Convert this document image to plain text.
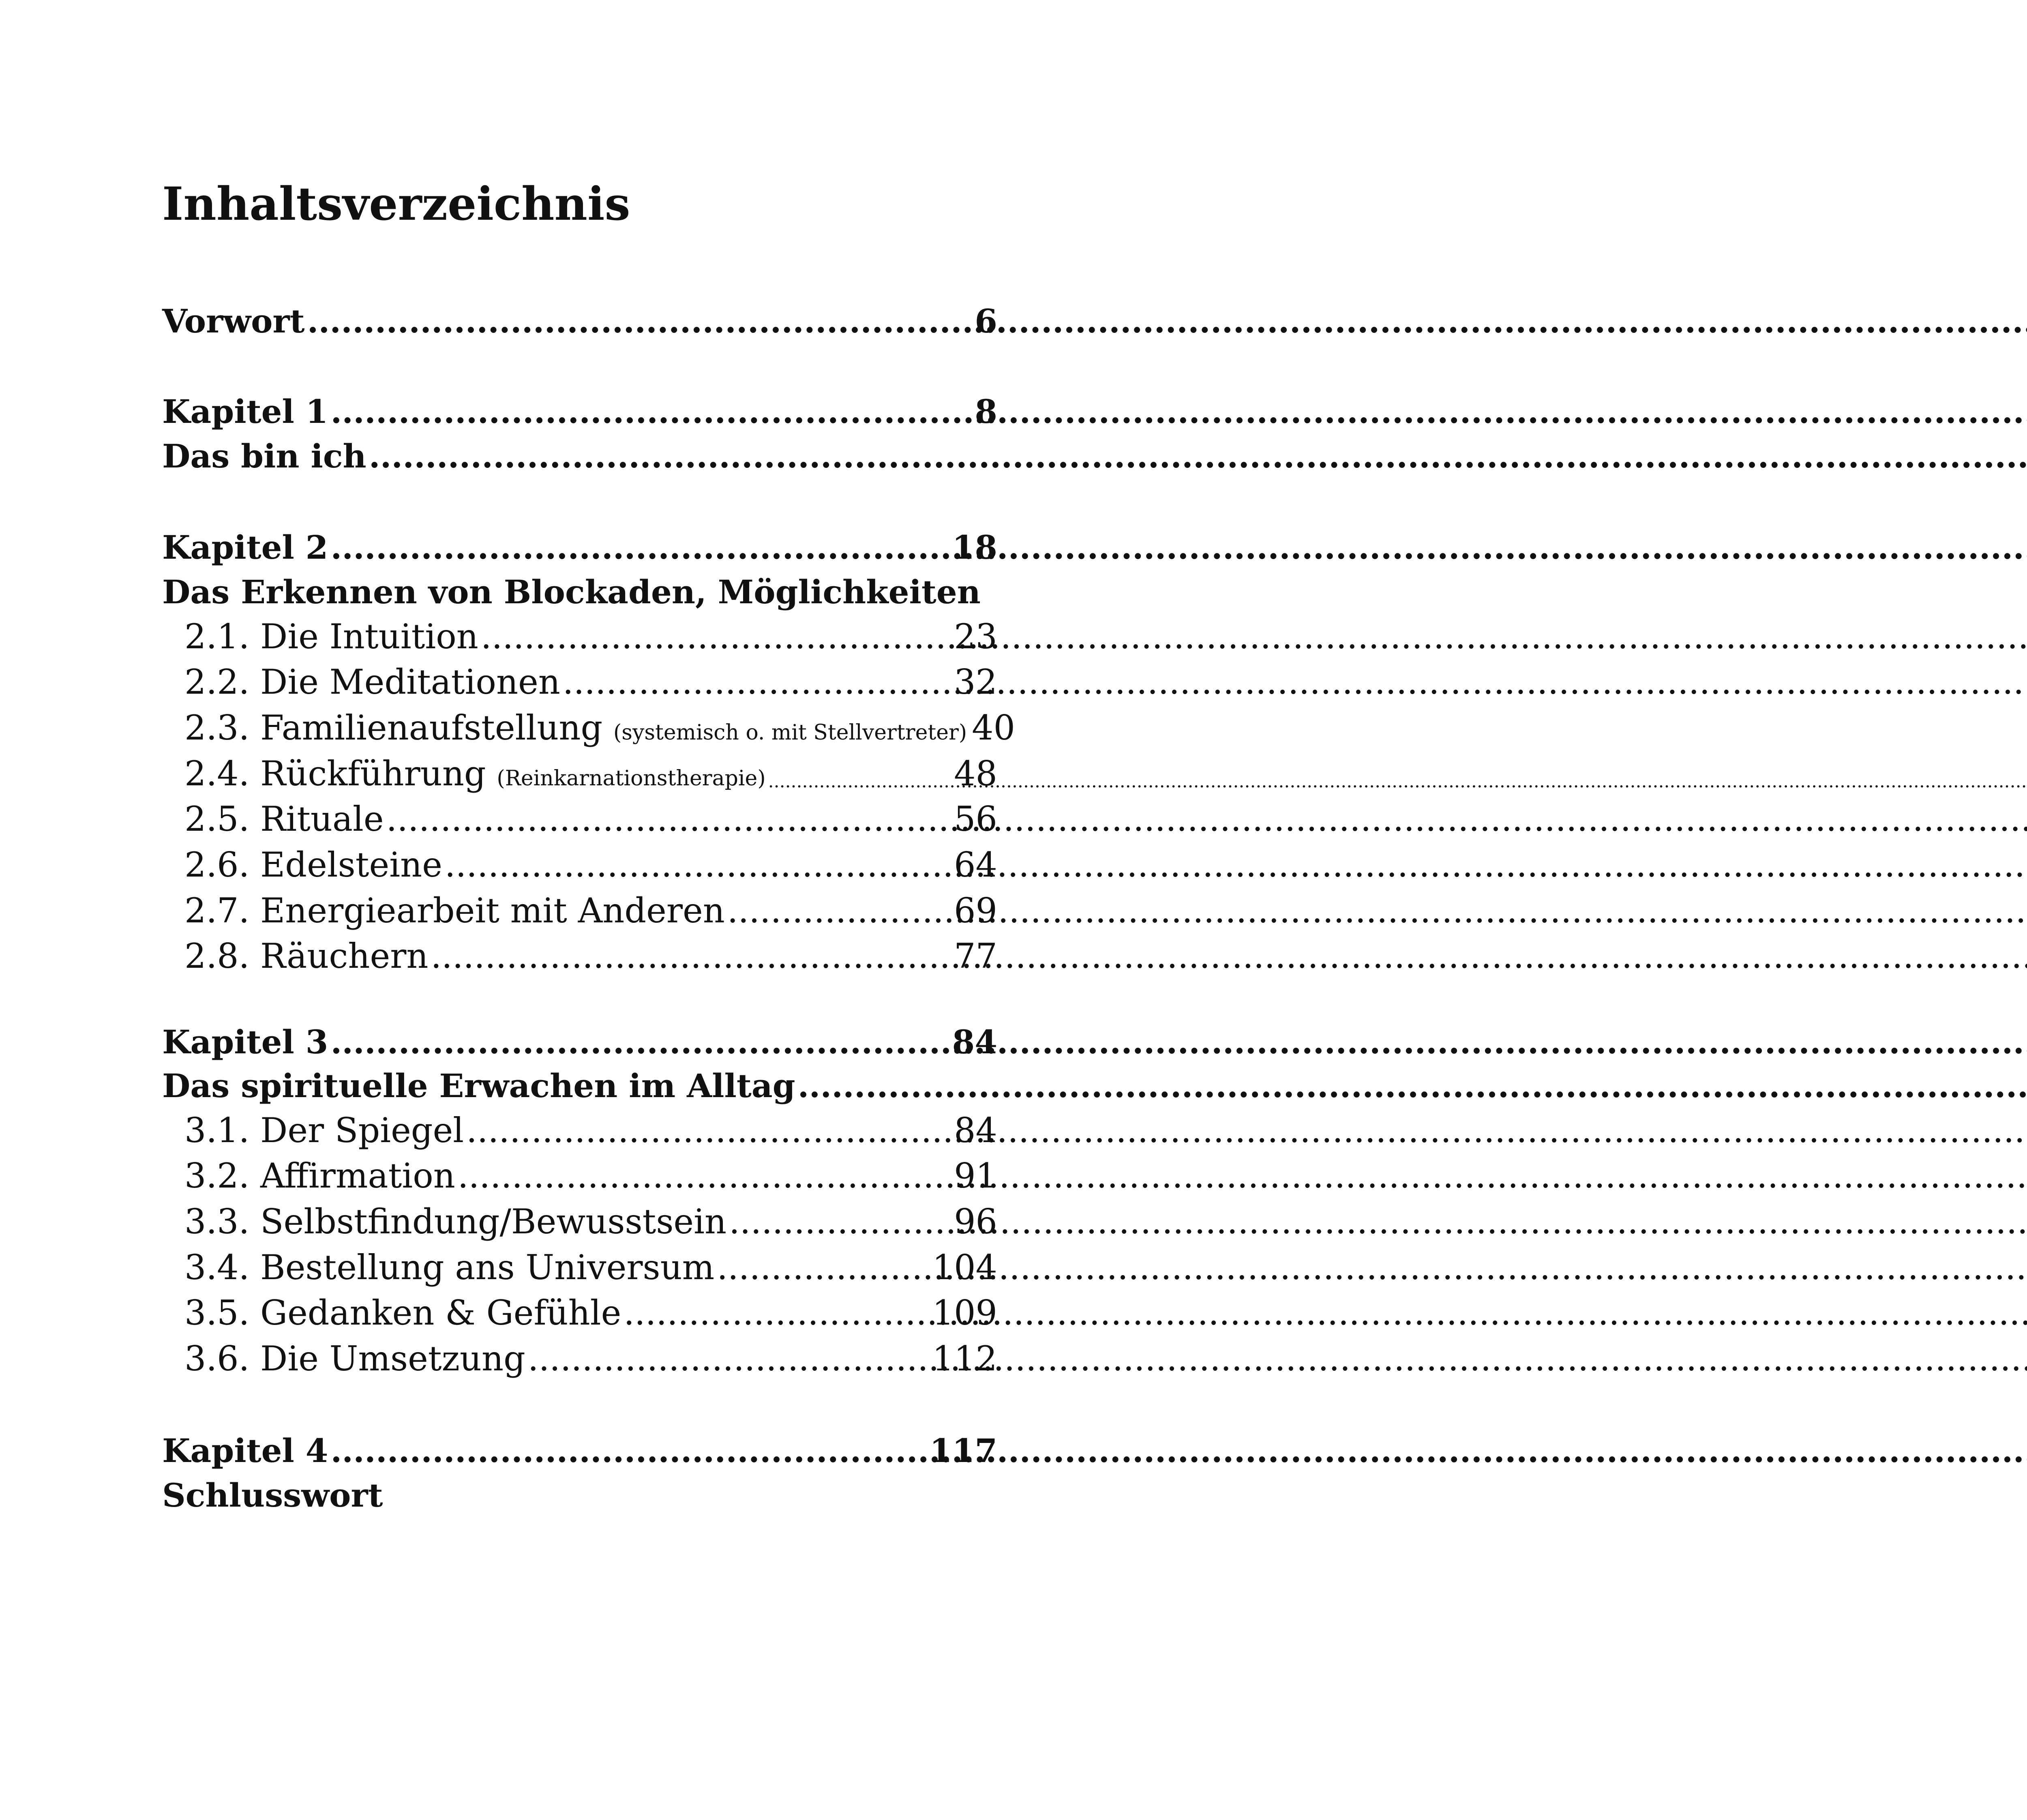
Inhaltsverzeichnis
Vorwort .....	6
Kapitel 1 .....	8
Das bin ich
.....
Kapitel 2 .....	18
Das Erkennen von Blockaden, Möglichkeiten
2.1. Die Intuition .....	23
2.2. Die Meditationen .....	32
2.3. Familienaufstellung (systemisch o. mit Stellvertreter) 40
2.4. Rückführung (Reinkarnationstherapie) .....	48
2.5. Rituale .....	56
2.6. Edelsteine .....	64
2.7. Energiearbeit mit Anderen .....	69
2.8. Räuchern .....	77
Kapitel 3 .....	84
Das spirituelle Erwachen im Alltag
.....
3.1. Der Spiegel .....	84
3.2. Affirmation .....	91
3.3. Selbstfindung/Bewusstsein .....	96
3.4. Bestellung ans Universum .....	104
3.5. Gedanken & Gefühle .....	109
3.6. Die Umsetzung .....	112
Kapitel 4 .....	117
Schlusswort
